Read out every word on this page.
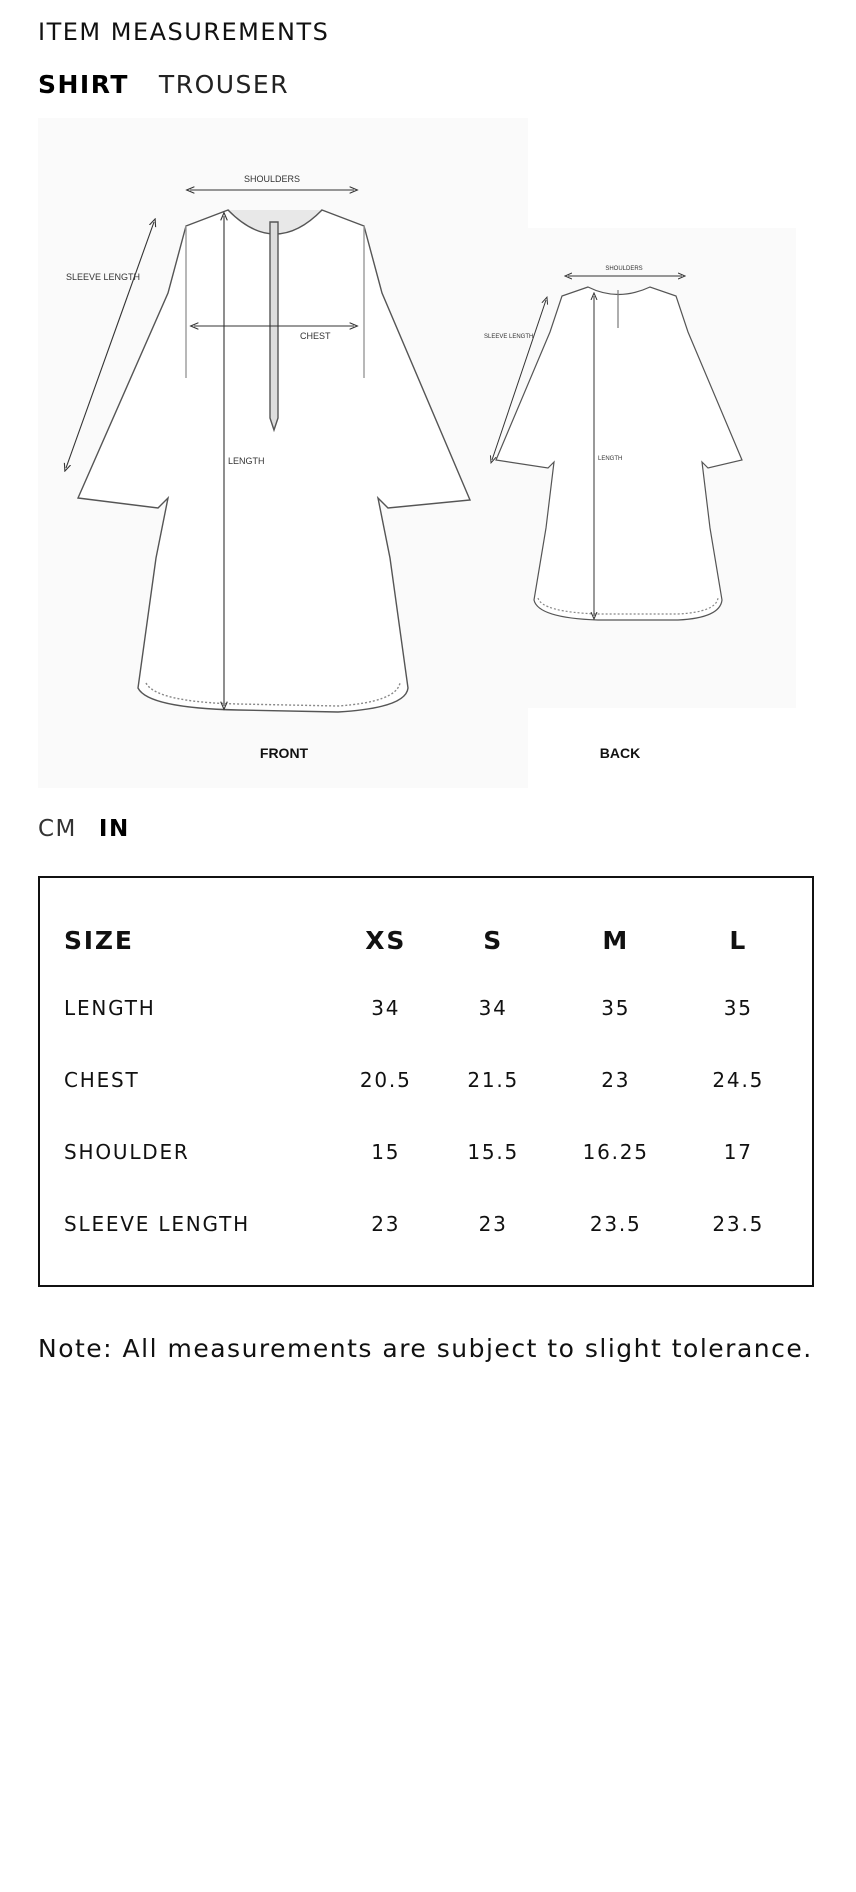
ITEM MEASUREMENTS
SHIRT TROUSER
SHOULDERS
SLEEVE LENGTH
CHEST
LENGTH
FRONT
SHOULDERS
SLEEVE LENGTH
LENGTH
BACK
CM IN
SIZE	XS	S	M	L
LENGTH	34	34	35	35
CHEST	20.5	21.5	23	24.5
SHOULDER	15	15.5	16.25	17
SLEEVE LENGTH	23	23	23.5	23.5
Note: All measurements are subject to slight tolerance.
